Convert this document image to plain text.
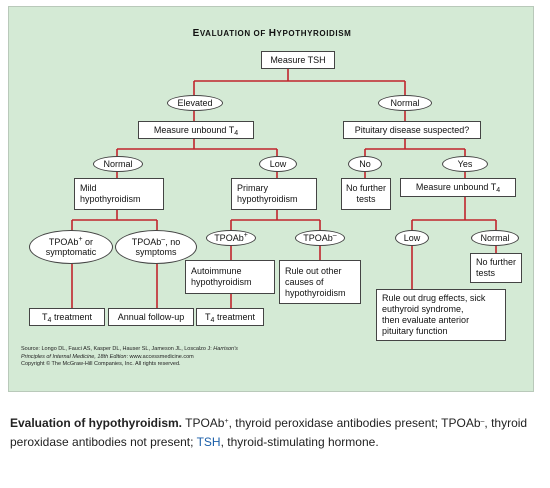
EVALUATION OF HYPOTHYROIDISM
Measure TSH
Elevated	Normal
Measure unbound $T_4$	Pituitary disease suspected?
Normal	Low	No	Yes
Mild
hypothyroidism
Primary
hypothyroidism
No further
tests
Measure unbound $T_4$
TPOAb+ or
symptomatic
TPOAb–, no
symptoms
TPOAb+	TPOAb–	Low	Normal
Autoimmune
hypothyroidism
Rule out other
causes of
hypothyroidism
No further
tests
$T_4$ treatment	Annual follow-up $T_4$ treatment
Rule out drug effects, sick
euthyroid syndrome,
then evaluate anterior
pituitary function
Source: Longo DL, Fauci AS, Kasper DL, Hauser SL, Jameson JL, Loscalzo J: Harrison's
Principles of Internal Medicine, 18th Edition: www.accessmedicine.com
Copyright © The McGraw-Hill Companies, Inc. All rights reserved.
Evaluation of hypothyroidism. TPOAb+, thyroid peroxidase antibodies present; TPOAb–, thyroid peroxidase antibodies not present; TSH, thyroid-stimulating hormone.
